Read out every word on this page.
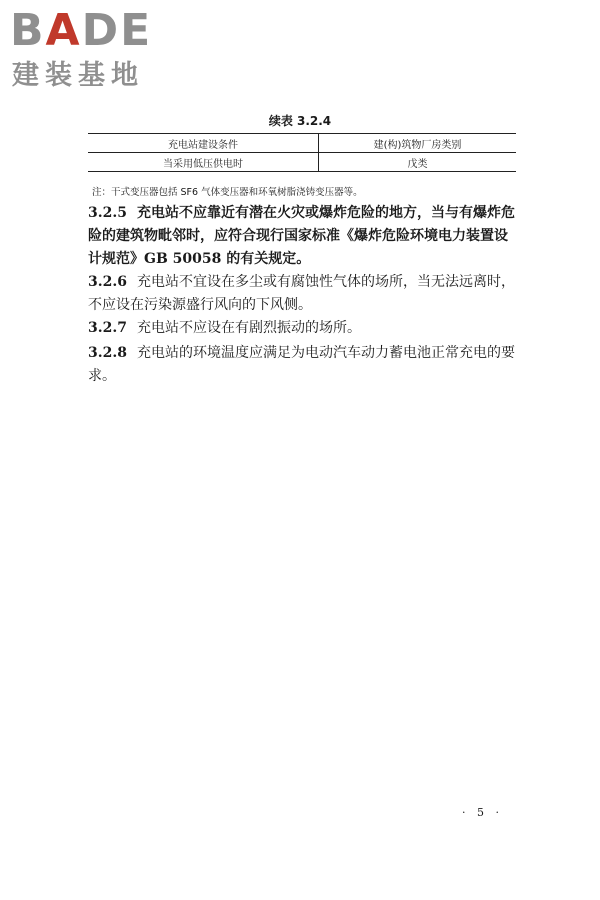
BADE
建装基地
续表 3.2.4
充电站建设条件	建(构)筑物厂房类别
当采用低压供电时	戊类
注：干式变压器包括 SF6 气体变压器和环氧树脂浇铸变压器等。

3.2.5 充电站不应靠近有潜在火灾或爆炸危险的地方，当与有爆炸危险的建筑物毗邻时，应符合现行国家标准《爆炸危险环境电力装置设计规范》GB 50058 的有关规定。

3.2.6 充电站不宜设在多尘或有腐蚀性气体的场所，当无法远离时，不应设在污染源盛行风向的下风侧。

3.2.7 充电站不应设在有剧烈振动的场所。

3.2.8 充电站的环境温度应满足为电动汽车动力蓄电池正常充电的要求。

· 5 ·
